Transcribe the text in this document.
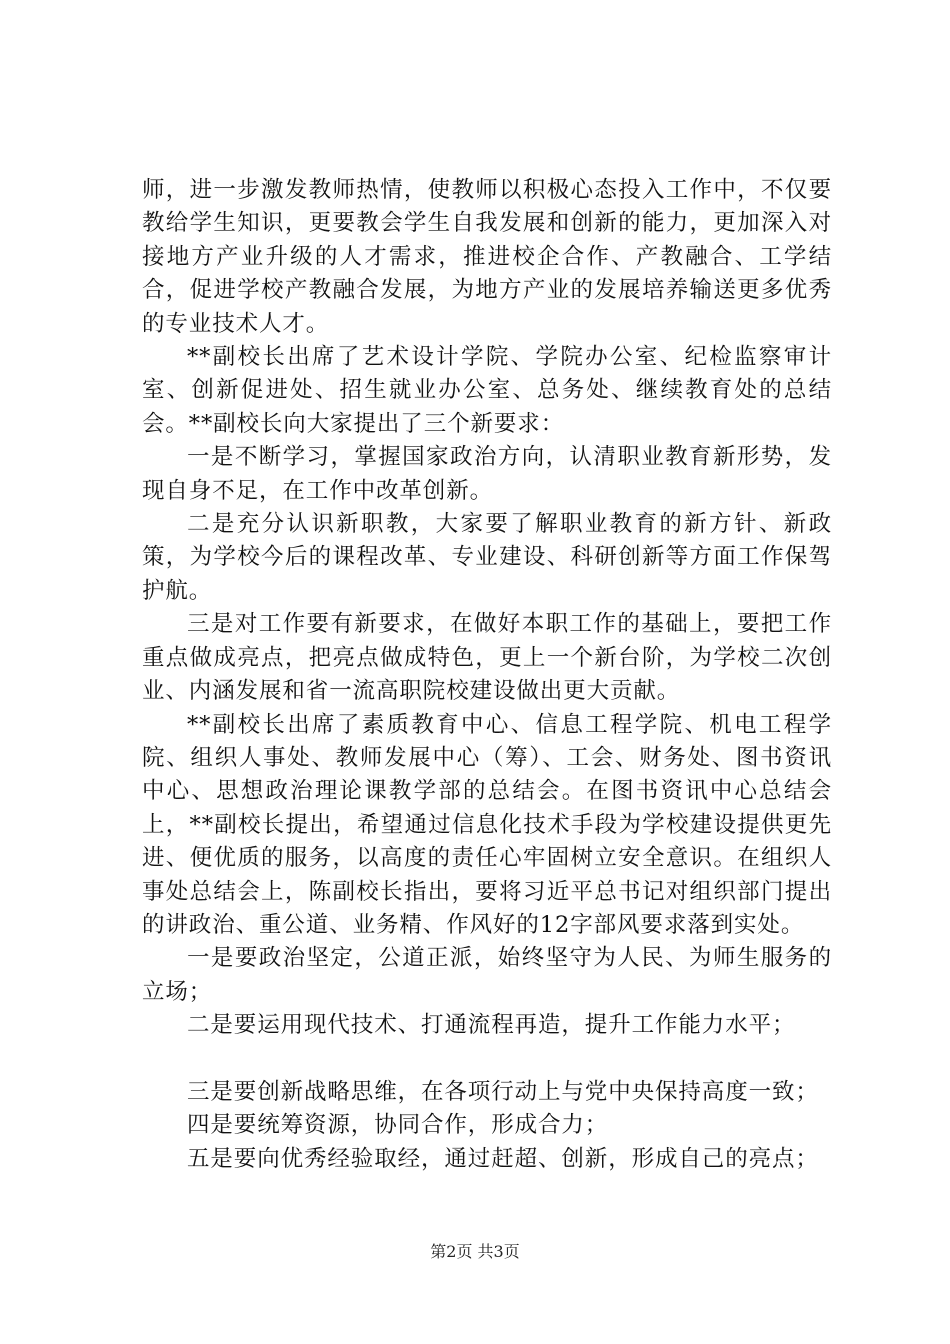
师，进一步激发教师热情，使教师以积极心态投入工作中，不仅要教给学生知识，更要教会学生自我发展和创新的能力，更加深入对接地方产业升级的人才需求，推进校企合作、产教融合、工学结合，促进学校产教融合发展，为地方产业的发展培养输送更多优秀的专业技术人才。

**副校长出席了艺术设计学院、学院办公室、纪检监察审计室、创新促进处、招生就业办公室、总务处、继续教育处的总结会。**副校长向大家提出了三个新要求：

一是不断学习，掌握国家政治方向，认清职业教育新形势，发现自身不足，在工作中改革创新。

二是充分认识新职教，大家要了解职业教育的新方针、新政策，为学校今后的课程改革、专业建设、科研创新等方面工作保驾护航。

三是对工作要有新要求，在做好本职工作的基础上，要把工作重点做成亮点，把亮点做成特色，更上一个新台阶，为学校二次创业、内涵发展和省一流高职院校建设做出更大贡献。

**副校长出席了素质教育中心、信息工程学院、机电工程学院、组织人事处、教师发展中心（筹）、工会、财务处、图书资讯中心、思想政治理论课教学部的总结会。在图书资讯中心总结会上，**副校长提出，希望通过信息化技术手段为学校建设提供更先进、便优质的服务，以高度的责任心牢固树立安全意识。在组织人事处总结会上，陈副校长指出，要将习近平总书记对组织部门提出的讲政治、重公道、业务精、作风好的12字部风要求落到实处。

一是要政治坚定，公道正派，始终坚守为人民、为师生服务的立场；

二是要运用现代技术、打通流程再造，提升工作能力水平；

三是要创新战略思维，在各项行动上与党中央保持高度一致；

四是要统筹资源，协同合作，形成合力；

五是要向优秀经验取经，通过赶超、创新，形成自己的亮点；

第2页 共3页
